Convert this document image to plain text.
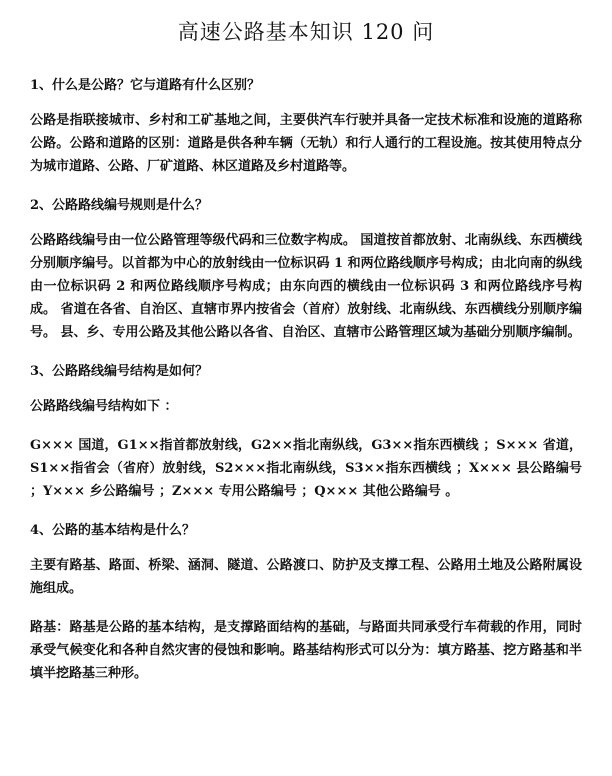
高速公路基本知识 120 问
1、什么是公路？它与道路有什么区别？
公路是指联接城市、乡村和工矿基地之间，主要供汽车行驶并具备一定技术标准和设施的道路称公路。公路和道路的区别：道路是供各种车辆（无轨）和行人通行的工程设施。按其使用特点分为城市道路、公路、厂矿道路、林区道路及乡村道路等。
2、公路路线编号规则是什么？
公路路线编号由一位公路管理等级代码和三位数字构成。 国道按首都放射、北南纵线、东西横线分别顺序编号。以首都为中心的放射线由一位标识码 1 和两位路线顺序号构成；由北向南的纵线由一位标识码 2 和两位路线顺序号构成；由东向西的横线由一位标识码 3 和两位路线序号构成。 省道在各省、自治区、直辖市界内按省会（首府）放射线、北南纵线、东西横线分别顺序编号。 县、乡、专用公路及其他公路以各省、自治区、直辖市公路管理区域为基础分别顺序编制。
3、公路路线编号结构是如何？
公路路线编号结构如下 ：
G××× 国道，G1××指首都放射线，G2××指北南纵线，G3××指东西横线 ；S××× 省道，S1××指省会（省府）放射线，S2×××指北南纵线，S3××指东西横线 ；X××× 县公路编号 ；Y××× 乡公路编号 ；Z××× 专用公路编号 ；Q××× 其他公路编号 。
4、公路的基本结构是什么？
主要有路基、路面、桥梁、涵洞、隧道、公路渡口、防护及支撑工程、公路用土地及公路附属设施组成。
路基：路基是公路的基本结构，是支撑路面结构的基础，与路面共同承受行车荷载的作用，同时承受气候变化和各种自然灾害的侵蚀和影响。路基结构形式可以分为：填方路基、挖方路基和半填半挖路基三种形。
